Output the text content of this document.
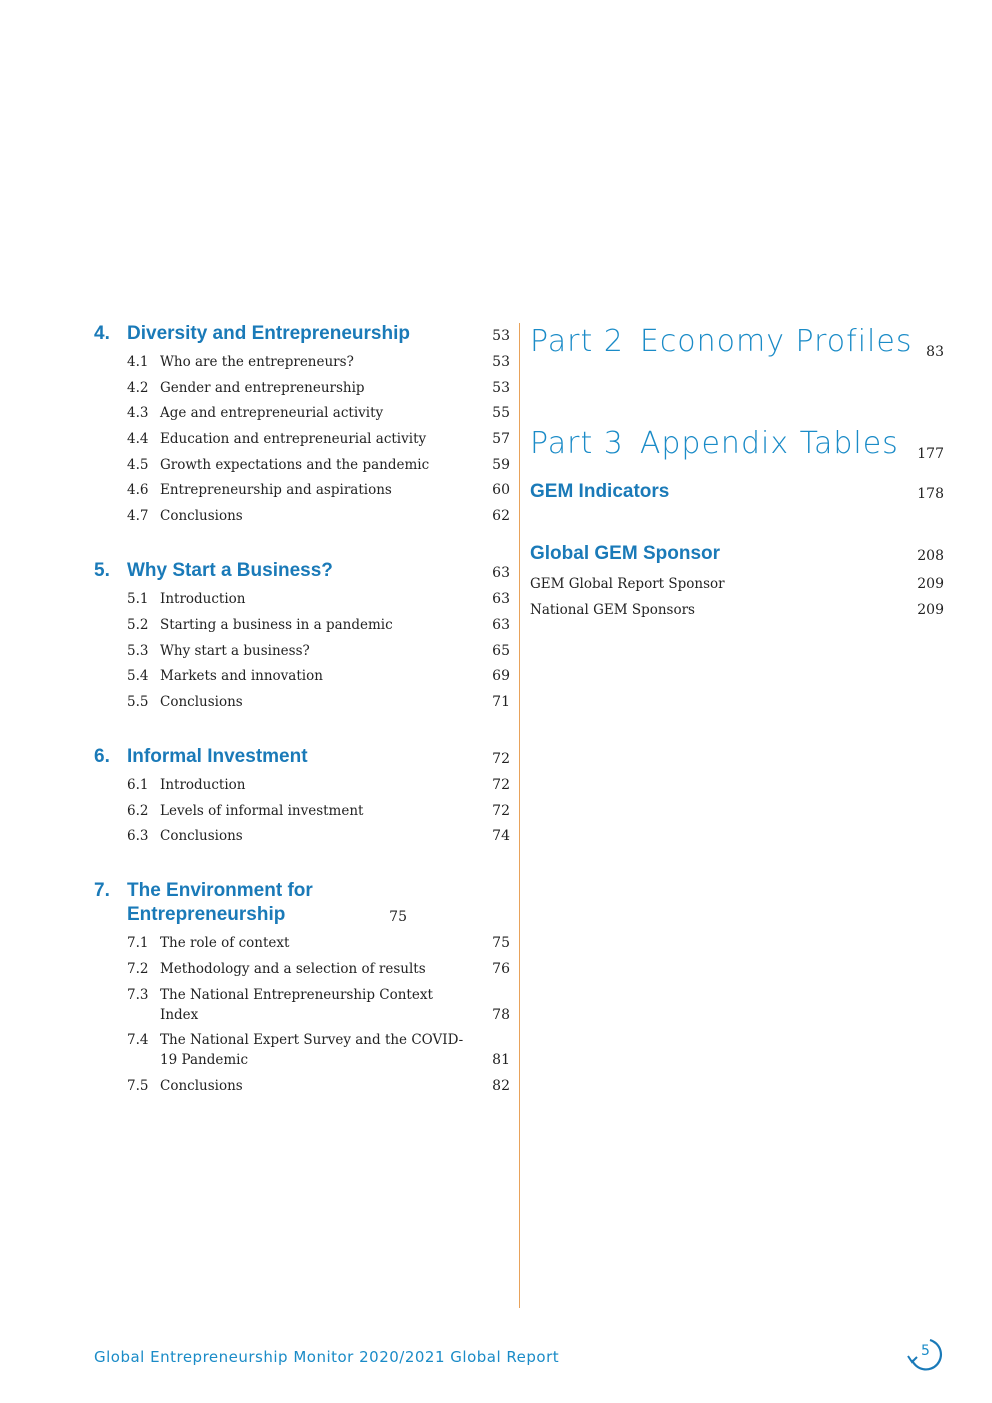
4. Diversity and Entrepreneurship	53
4.1 Who are the entrepreneurs?	53
4.2 Gender and entrepreneurship	53
4.3 Age and entrepreneurial activity	55
4.4 Education and entrepreneurial activity	57
4.5 Growth expectations and the pandemic	59
4.6 Entrepreneurship and aspirations	60
4.7 Conclusions	62
5. Why Start a Business?	63
5.1 Introduction	63
5.2 Starting a business in a pandemic	63
5.3 Why start a business?	65
5.4 Markets and innovation	69
5.5 Conclusions	71
6. Informal Investment	72
6.1 Introduction	72
6.2 Levels of informal investment	72
6.3 Conclusions	74
7. The Environment for Entrepreneurship	75
7.1 The role of context	75
7.2 Methodology and a selection of results	76
7.3 The National Entrepreneurship Context Index	78
7.4 The National Expert Survey and the COVID-19 Pandemic	81
7.5 Conclusions	82
Part 2 Economy Profiles 83
Part 3 Appendix Tables	177
GEM Indicators	178
Global GEM Sponsor	208
GEM Global Report Sponsor	209
National GEM Sponsors	209
Global Entrepreneurship Monitor 2020/2021 Global Report	5
